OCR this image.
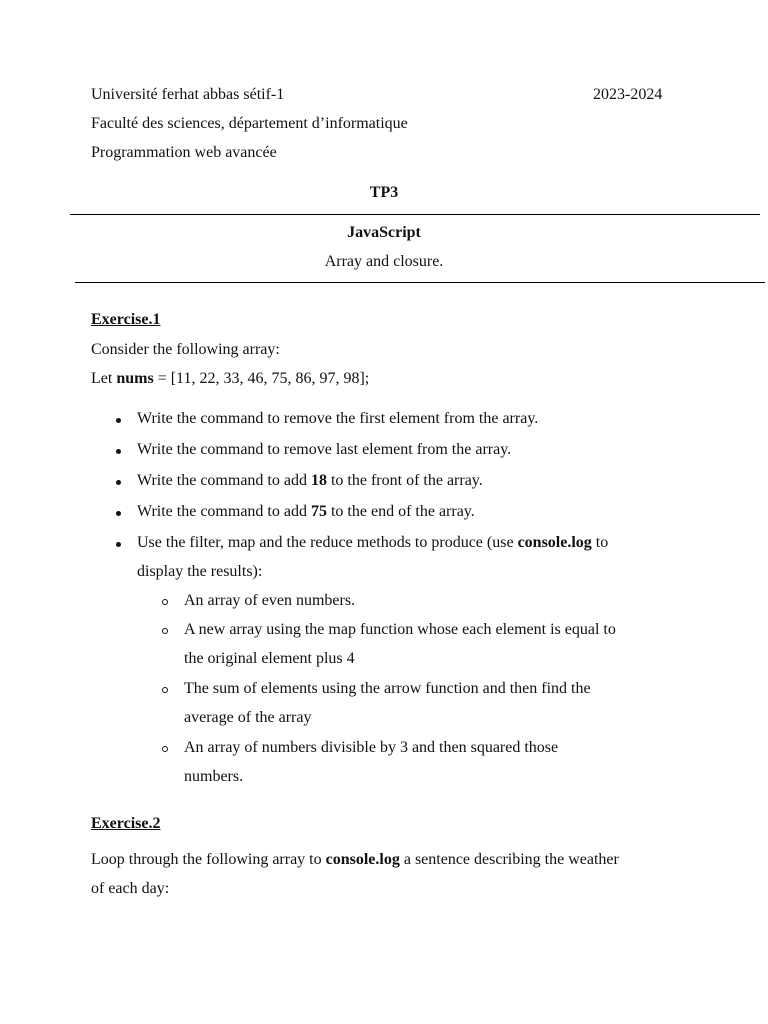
Université ferhat abbas sétif-1	2023-2024
Faculté des sciences, département d’informatique
Programmation web avancée
TP3
JavaScript
Array and closure.
Exercise.1
Consider the following array:
Let nums = [11, 22, 33, 46, 75, 86, 97, 98];
Write the command to remove the first element from the array.
Write the command to remove last element from the array.
Write the command to add 18 to the front of the array.
Write the command to add 75 to the end of the array.
Use the filter, map and the reduce methods to produce (use console.log to
display the results):
An array of even numbers.
A new array using the map function whose each element is equal to
the original element plus 4
The sum of elements using the arrow function and then find the
average of the array
An array of numbers divisible by 3 and then squared those
numbers.
Exercise.2
Loop through the following array to console.log a sentence describing the weather
of each day:
